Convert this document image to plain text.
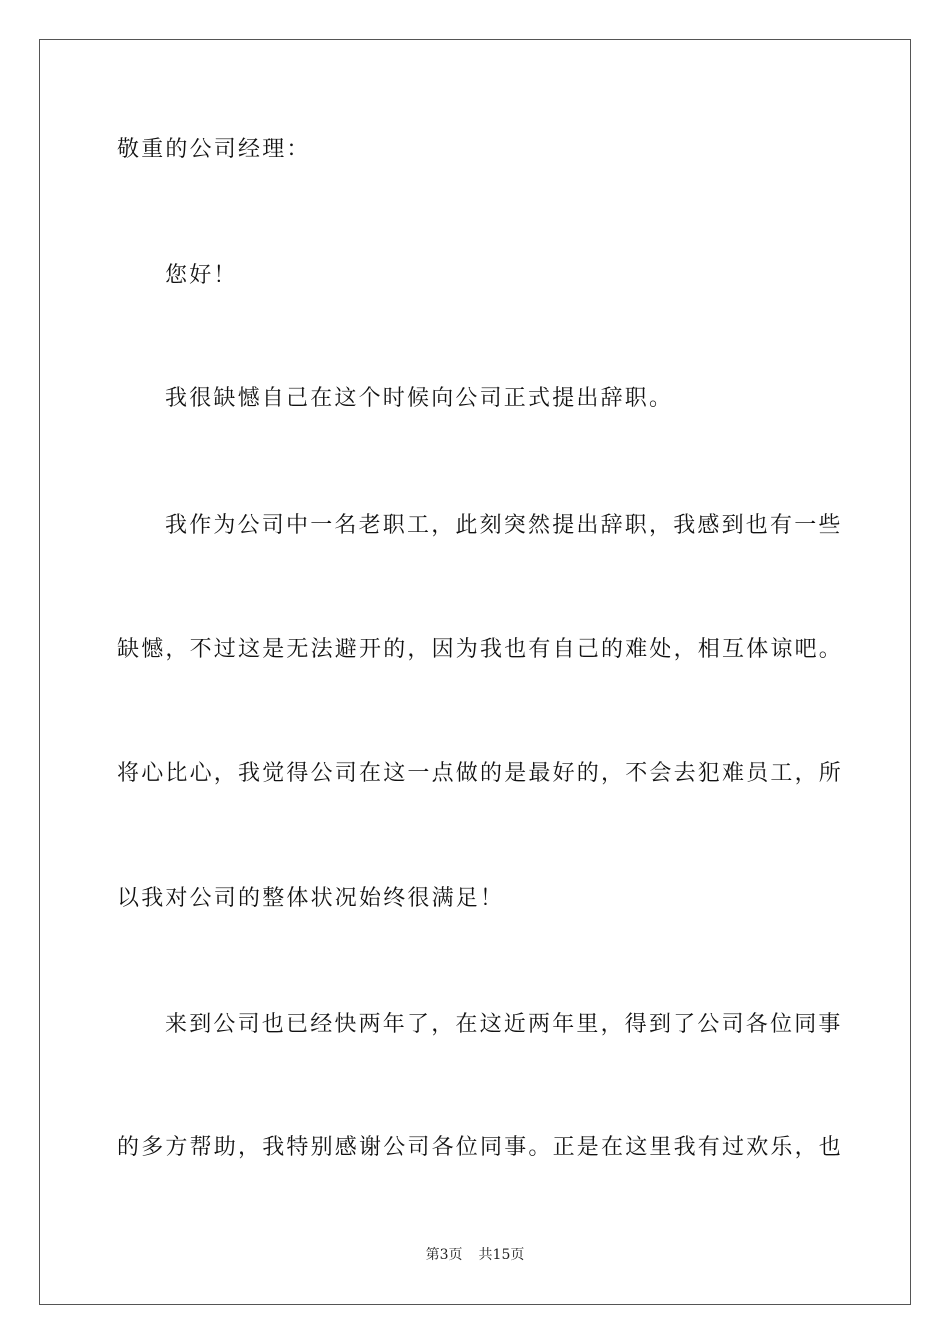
敬重的公司经理：
您好！
我很缺憾自己在这个时候向公司正式提出辞职。
我作为公司中一名老职工，此刻突然提出辞职，我感到也有一些
缺憾，不过这是无法避开的，因为我也有自己的难处，相互体谅吧。
将心比心，我觉得公司在这一点做的是最好的，不会去犯难员工，所
以我对公司的整体状况始终很满足！
来到公司也已经快两年了，在这近两年里，得到了公司各位同事
的多方帮助，我特别感谢公司各位同事。正是在这里我有过欢乐，也
第3页 共15页
